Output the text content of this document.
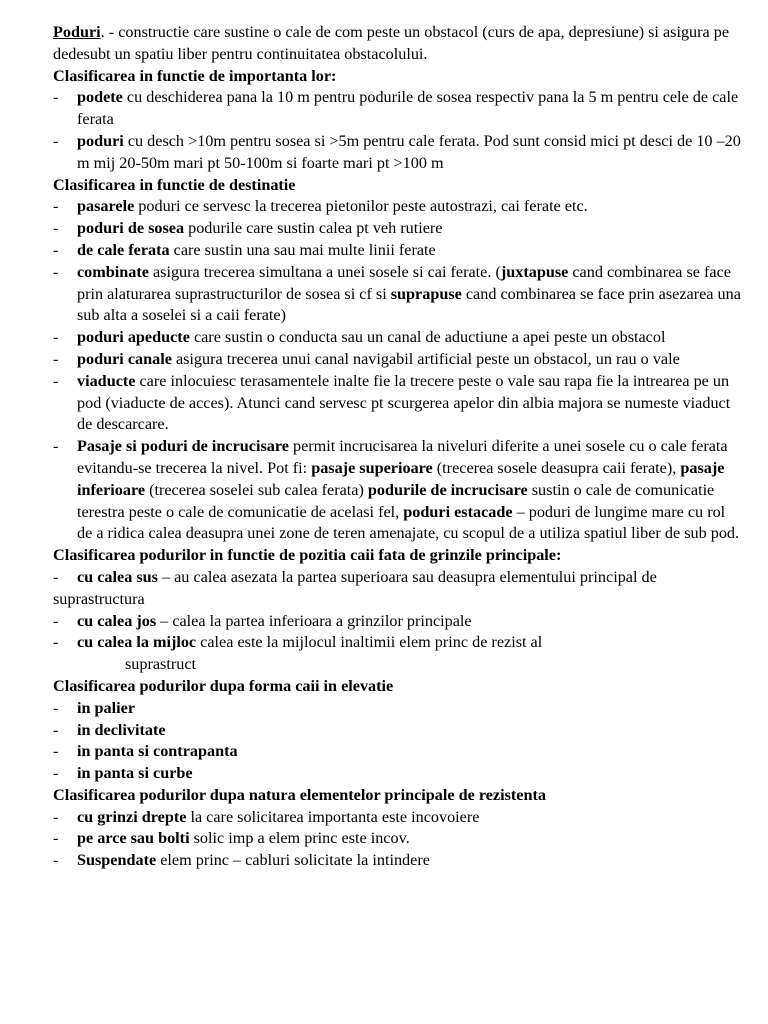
Poduri. - constructie care sustine o cale de com peste un obstacol (curs de apa, depresiune) si asigura pe dedesubt un spatiu liber pentru continuitatea obstacolului.

Clasificarea in functie de importanta lor:

- podete cu deschiderea pana la 10 m pentru podurile de sosea respectiv pana la 5 m pentru cele de cale ferata

- poduri cu desch >10m pentru sosea si >5m pentru cale ferata. Pod sunt consid mici pt desci de 10 –20 m mij 20-50m mari pt 50-100m si foarte mari pt >100 m

Clasificarea in functie de destinatie

- pasarele poduri ce servesc la trecerea pietonilor peste autostrazi, cai ferate etc.

- poduri de sosea podurile care sustin calea pt veh rutiere

- de cale ferata care sustin una sau mai multe linii ferate

- combinate asigura trecerea simultana a unei sosele si cai ferate. (juxtapuse cand combinarea se face prin alaturarea suprastructurilor de sosea si cf si suprapuse cand combinarea se face prin asezarea una sub alta a soselei si a caii ferate)

- poduri apeducte care sustin o conducta sau un canal de aductiune a apei peste un obstacol

- poduri canale asigura trecerea unui canal navigabil artificial peste un obstacol, un rau o vale

- viaducte care inlocuiesc terasamentele inalte fie la trecere peste o vale sau rapa fie la intrearea pe un pod (viaducte de acces). Atunci cand servesc pt scurgerea apelor din albia majora se numeste viaduct de descarcare.

- Pasaje si poduri de incrucisare permit incrucisarea la niveluri diferite a unei sosele cu o cale ferata evitandu-se trecerea la nivel. Pot fi: pasaje superioare (trecerea sosele deasupra caii ferate), pasaje inferioare (trecerea soselei sub calea ferata) podurile de incrucisare sustin o cale de comunicatie terestra peste o cale de comunicatie de acelasi fel, poduri estacade – poduri de lungime mare cu rol de a ridica calea deasupra unei zone de teren amenajate, cu scopul de a utiliza spatiul liber de sub pod.

Clasificarea podurilor in functie de pozitia caii fata de grinzile principale:

- cu calea sus – au calea asezata la partea superioara sau deasupra elementului principal de suprastructura

- cu calea jos – calea la partea inferioara a grinzilor principale

- cu calea la mijloc calea este la mijlocul inaltimii elem princ de rezist al
suprastruct

Clasificarea podurilor dupa forma caii in elevatie

- in palier

- in declivitate

- in panta si contrapanta

- in panta si curbe

Clasificarea podurilor dupa natura elementelor principale de rezistenta

- cu grinzi drepte la care solicitarea importanta este incovoiere

- pe arce sau bolti solic imp a elem princ este incov.

- Suspendate elem princ – cabluri solicitate la intindere
